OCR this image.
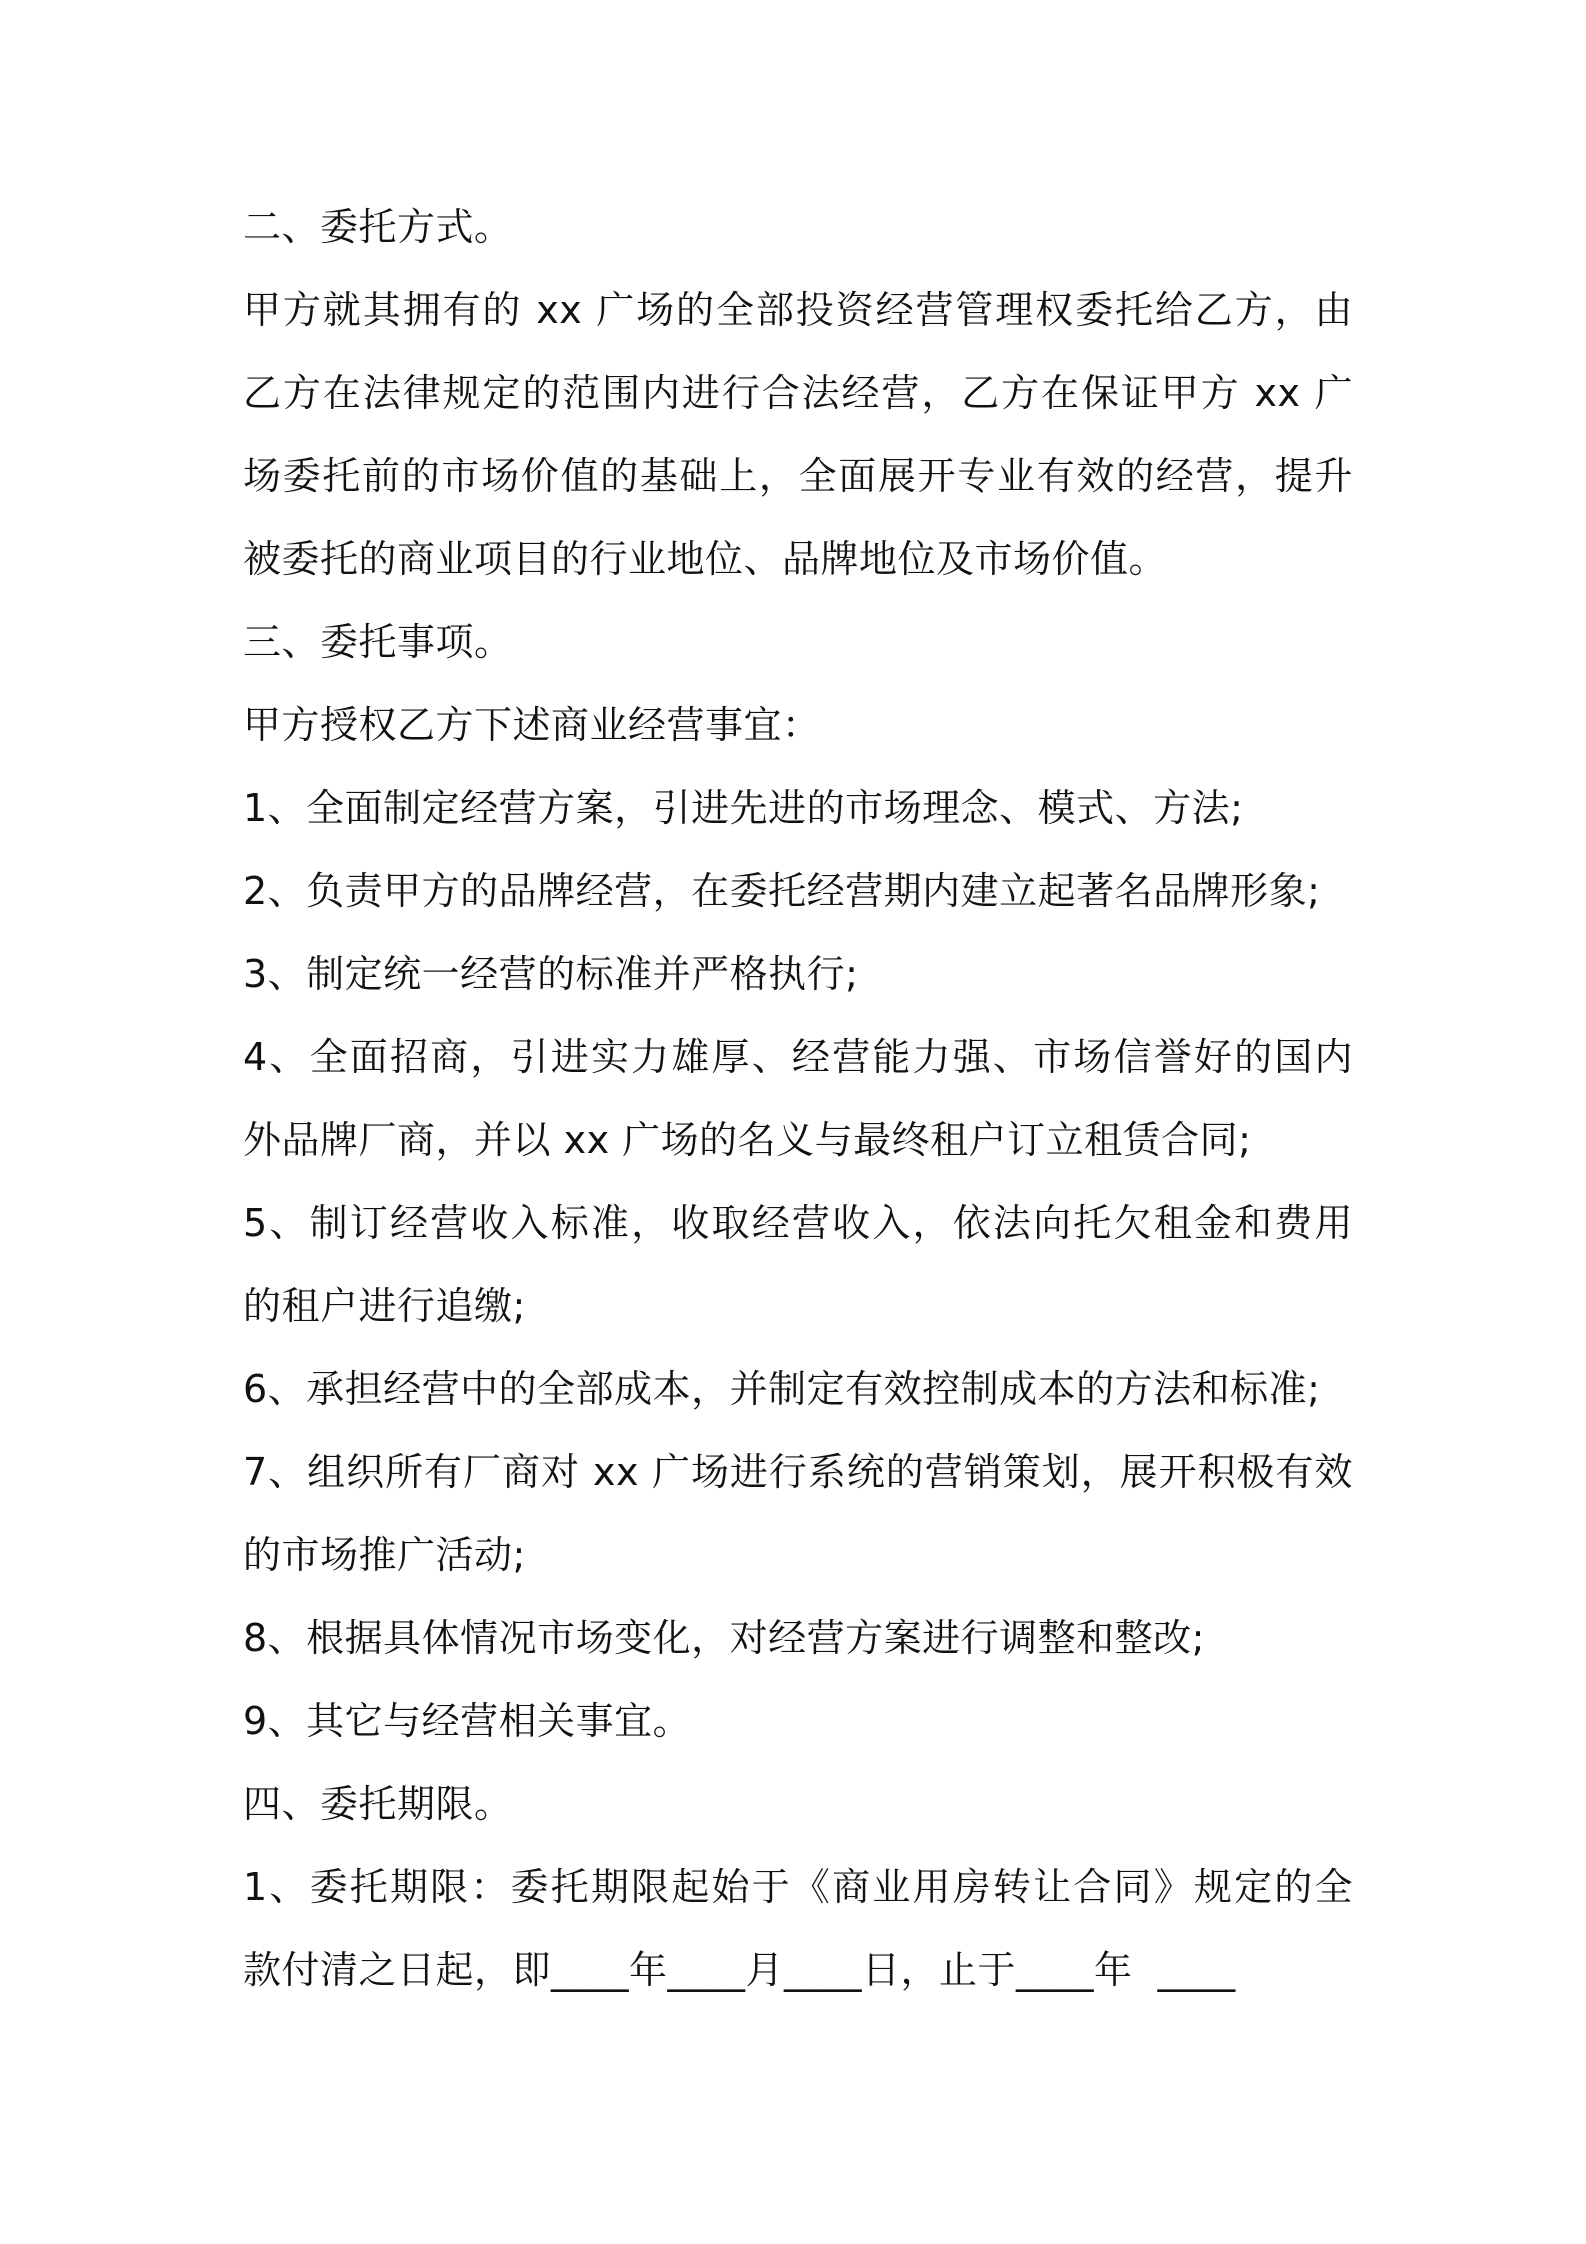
二、委托方式。
甲方就其拥有的 xx 广场的全部投资经营管理权委托给乙方，由
乙方在法律规定的范围内进行合法经营，乙方在保证甲方 xx 广
场委托前的市场价值的基础上，全面展开专业有效的经营，提升
被委托的商业项目的行业地位、品牌地位及市场价值。
三、委托事项。
甲方授权乙方下述商业经营事宜：
1、全面制定经营方案，引进先进的市场理念、模式、方法;
2、负责甲方的品牌经营，在委托经营期内建立起著名品牌形象;
3、制定统一经营的标准并严格执行;
4、全面招商，引进实力雄厚、经营能力强、市场信誉好的国内
外品牌厂商，并以 xx 广场的名义与最终租户订立租赁合同;
5、制订经营收入标准，收取经营收入，依法向托欠租金和费用
的租户进行追缴;
6、承担经营中的全部成本，并制定有效控制成本的方法和标准;
7、组织所有厂商对 xx 广场进行系统的营销策划，展开积极有效
的市场推广活动;
8、根据具体情况市场变化，对经营方案进行调整和整改;
9、其它与经营相关事宜。
四、委托期限。
1、委托期限：委托期限起始于《商业用房转让合同》规定的全
款付清之日起，即____年____月____日，止于____年  ____
